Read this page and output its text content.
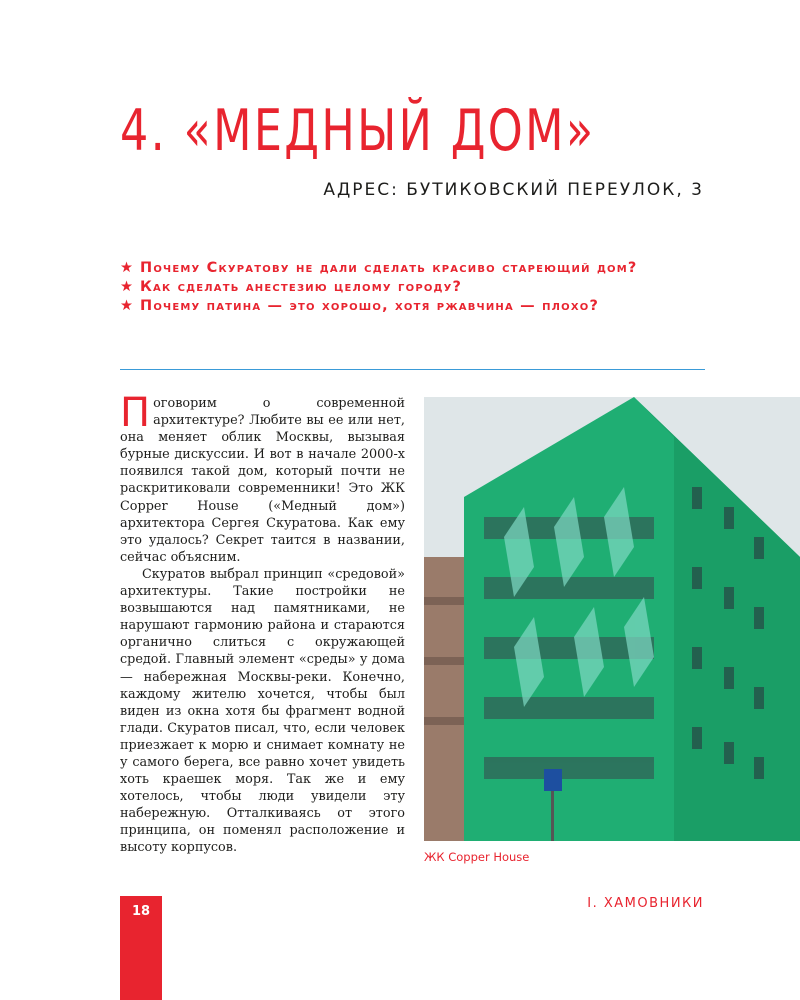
4. «МЕДНЫЙ ДОМ»
АДРЕС: БУТИКОВСКИЙ ПЕРЕУЛОК, 3
★ Почему Скуратову не дали сделать красиво стареющий дом?
★ Как сделать анестезию целому городу?
★ Почему патина — это хорошо, хотя ржавчина — плохо?

Поговорим о современной архитектуре? Любите вы ее или нет, она меняет облик Москвы, вызывая бурные дискуссии. И вот в начале 2000-х появился такой дом, который почти не раскритиковали современники! Это ЖК Copper House («Медный дом») архитектора Сергея Скуратова. Как ему это удалось? Секрет таится в названии, сейчас объясним.

Скуратов выбрал принцип «средовой» архитектуры. Такие постройки не возвышаются над памятниками, не нарушают гармонию района и стараются органично слиться с окружающей средой. Главный элемент «среды» у дома — набережная Москвы-реки. Конечно, каждому жителю хочется, чтобы был виден из окна хотя бы фрагмент водной глади. Скуратов писал, что, если человек приезжает к морю и снимает комнату не у самого берега, все равно хочет увидеть хоть краешек моря. Так же и ему хотелось, чтобы люди увидели эту набережную. Отталкиваясь от этого принципа, он поменял расположение и высоту корпусов.

ЖК Copper House
18
I. ХАМОВНИКИ
